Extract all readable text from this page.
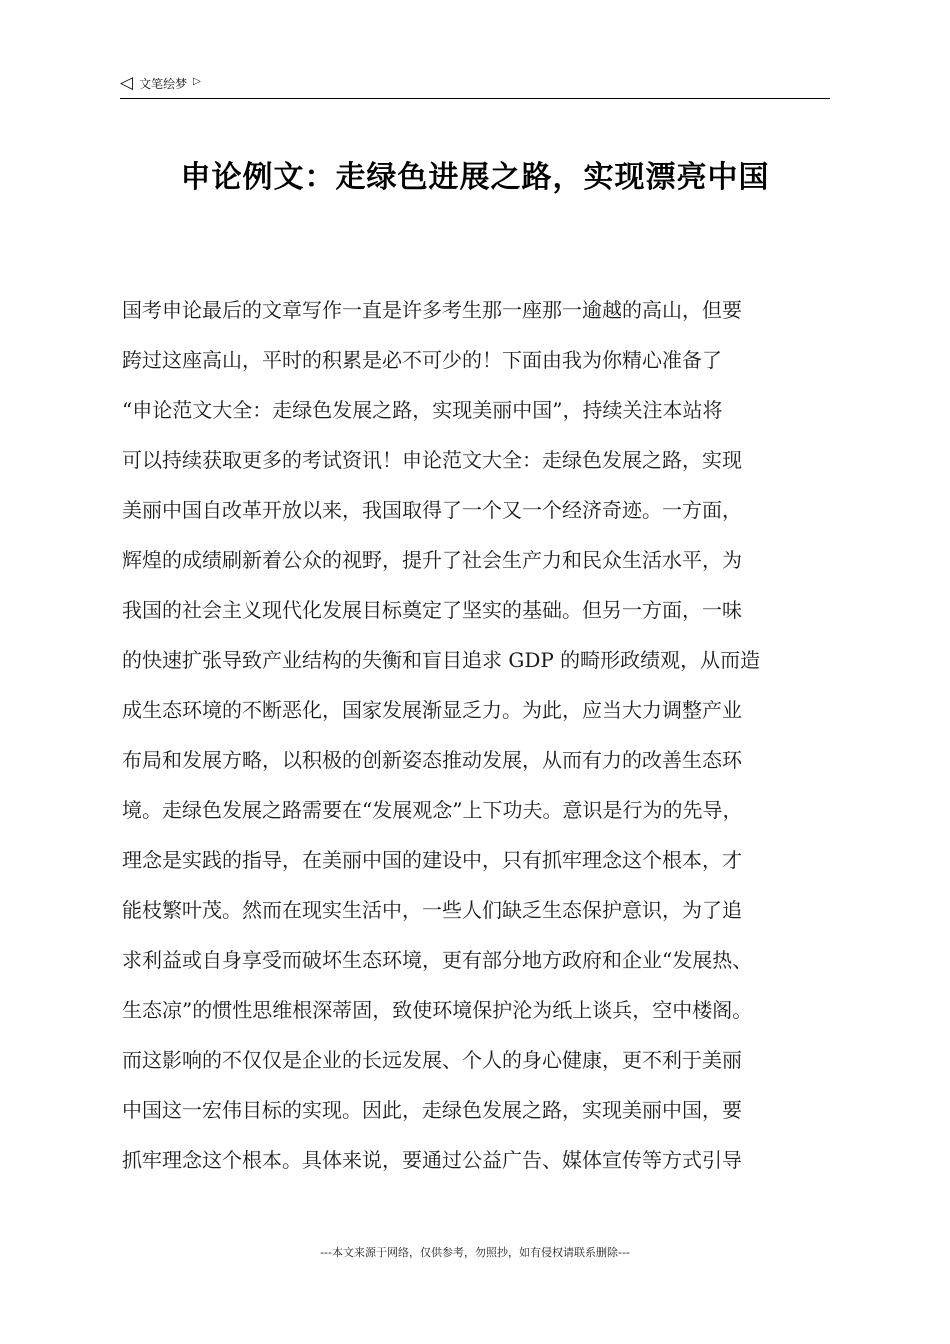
◁ 文笔绘梦 ▷
申论例文：走绿色进展之路，实现漂亮中国
国考申论最后的文章写作一直是许多考生那一座那一逾越的高山，但要
跨过这座高山，平时的积累是必不可少的！下面由我为你精心准备了
“申论范文大全：走绿色发展之路，实现美丽中国”，持续关注本站将
可以持续获取更多的考试资讯！申论范文大全：走绿色发展之路，实现
美丽中国自改革开放以来，我国取得了一个又一个经济奇迹。一方面，
辉煌的成绩刷新着公众的视野，提升了社会生产力和民众生活水平，为
我国的社会主义现代化发展目标奠定了坚实的基础。但另一方面，一味
的快速扩张导致产业结构的失衡和盲目追求 GDP 的畸形政绩观，从而造
成生态环境的不断恶化，国家发展渐显乏力。为此，应当大力调整产业
布局和发展方略，以积极的创新姿态推动发展，从而有力的改善生态环
境。走绿色发展之路需要在“发展观念”上下功夫。意识是行为的先导，
理念是实践的指导，在美丽中国的建设中，只有抓牢理念这个根本，才
能枝繁叶茂。然而在现实生活中，一些人们缺乏生态保护意识，为了追
求利益或自身享受而破坏生态环境，更有部分地方政府和企业“发展热、
生态凉”的惯性思维根深蒂固，致使环境保护沦为纸上谈兵，空中楼阁。
而这影响的不仅仅是企业的长远发展、个人的身心健康，更不利于美丽
中国这一宏伟目标的实现。因此，走绿色发展之路，实现美丽中国，要
抓牢理念这个根本。具体来说，要通过公益广告、媒体宣传等方式引导
---本文来源于网络，仅供参考，勿照抄，如有侵权请联系删除---
